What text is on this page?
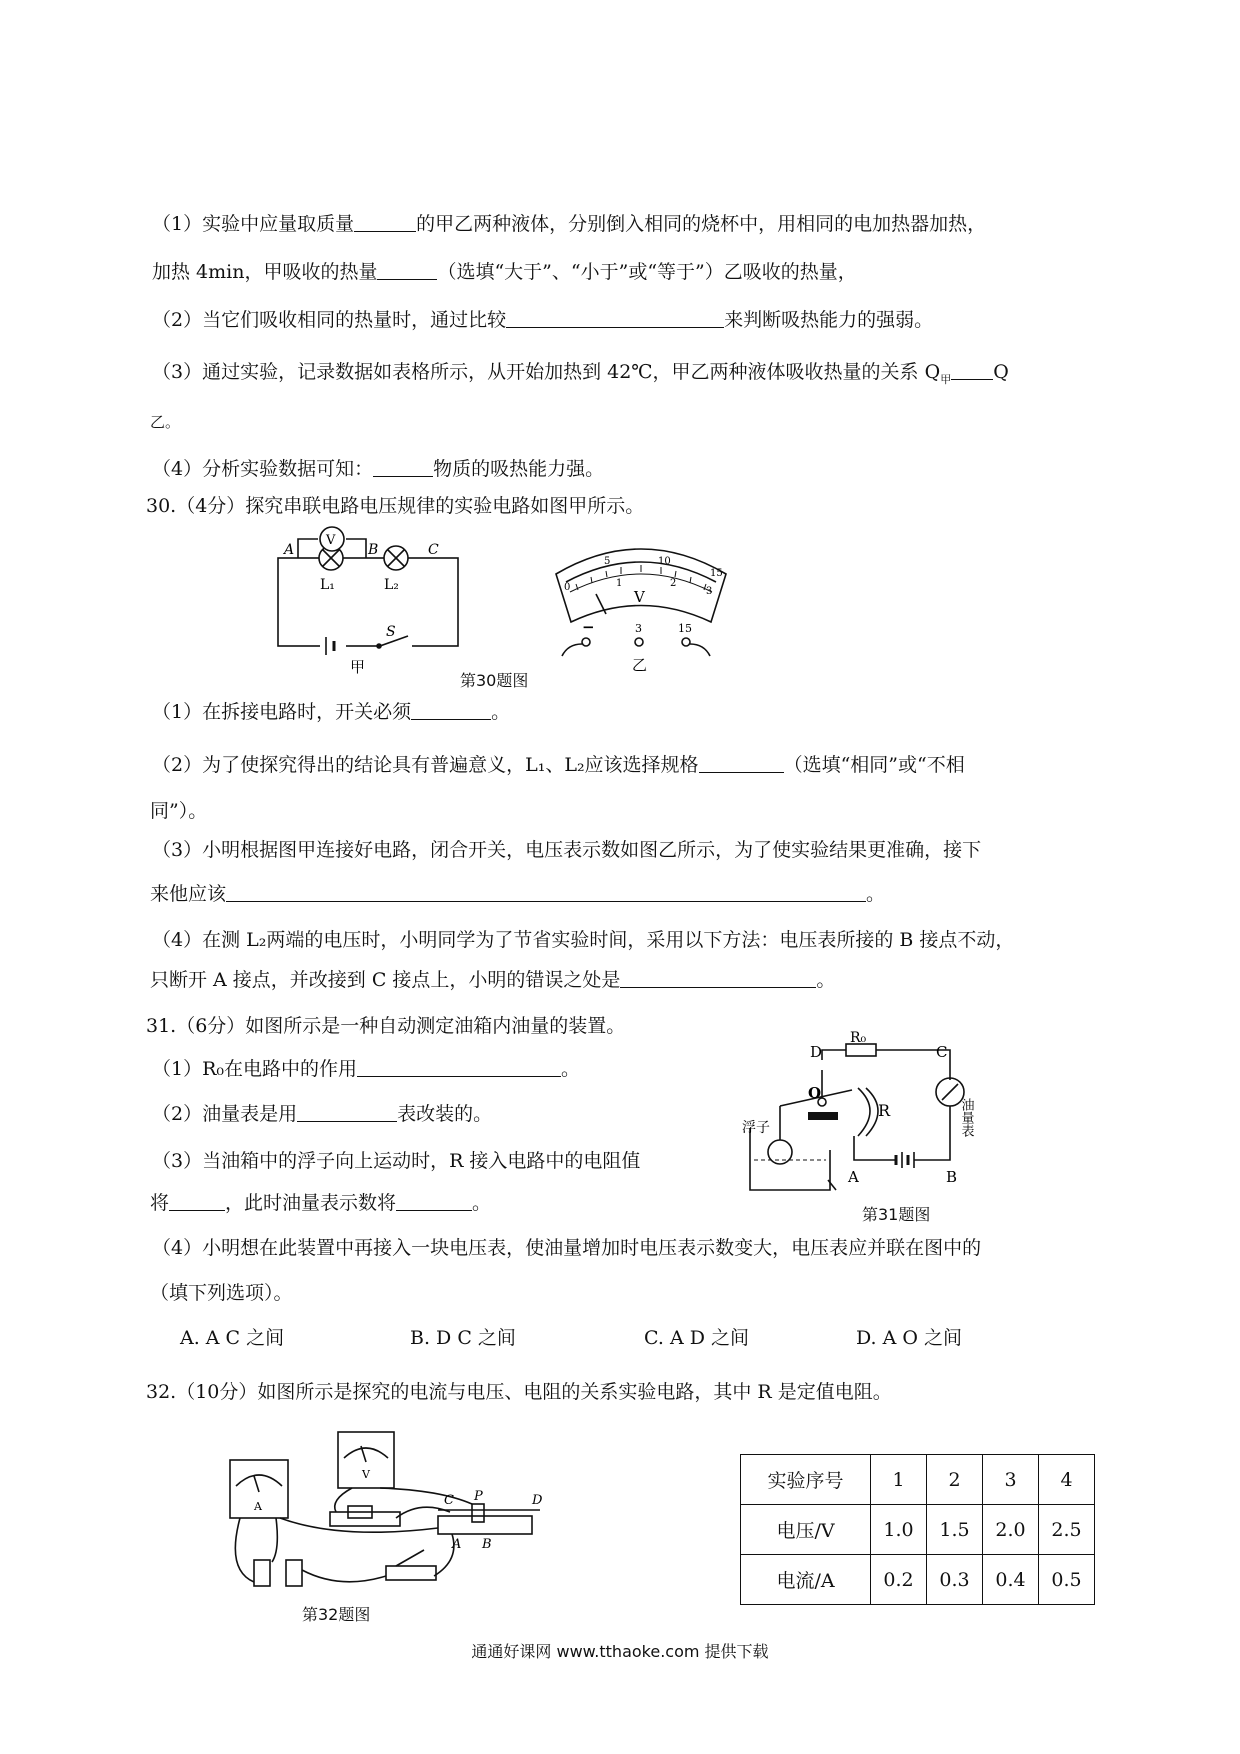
（1）实验中应量取质量	的甲乙两种液体，分别倒入相同的烧杯中，用相同的电加热器加热，
加热 4min，甲吸收的热量	（选填“大于”、“小于”或“等于”）乙吸收的热量，
（2）当它们吸收相同的热量时，通过比较	来判断吸热能力的强弱。
（3）通过实验，记录数据如表格所示，从开始加热到 42℃，甲乙两种液体吸收热量的关系 $Q_甲$ Q
乙。
（4）分析实验数据可知：	物质的吸热能力强。
30.（4分）探究串联电路电压规律的实验电路如图甲所示。
V
A	B	C
L₁	L₂
S
甲
5	10
15
0	1	2
3
V
−	3	15
乙
第30题图
（1）在拆接电路时，开关必须	。
（2）为了使探究得出的结论具有普遍意义，L₁、L₂应该选择规格	（选填“相同”或“不相
同”）。
（3）小明根据图甲连接好电路，闭合开关，电压表示数如图乙所示，为了使实验结果更准确，接下
来他应该	。
（4）在测 L₂两端的电压时，小明同学为了节省实验时间，采用以下方法：电压表所接的 B 接点不动，
只断开 A 接点，并改接到 C 接点上，小明的错误之处是	。
31.（6分）如图所示是一种自动测定油箱内油量的装置。
（1）R₀在电路中的作用	。
（2）油量表是用	表改装的。
（3）当油箱中的浮子向上运动时，R 接入电路中的电阻值
将	，此时油量表示数将	。
D
R₀
C
O
R
浮子
A	B
油量表
第31题图
（4）小明想在此装置中再接入一块电压表，使油量增加时电压表示数变大，电压表应并联在图中的
（填下列选项）。
A. A C 之间	B. D C 之间	C. A D 之间	D. A O 之间
32.（10分）如图所示是探究的电流与电压、电阻的关系实验电路，其中 R 是定值电阻。
A
V
C P	D
A B
第32题图
实验序号	1	2	3	4
电压/V	1.0	1.5	2.0	2.5
电流/A	0.2	0.3	0.4	0.5
通通好课网 www.tthaoke.com 提供下载
